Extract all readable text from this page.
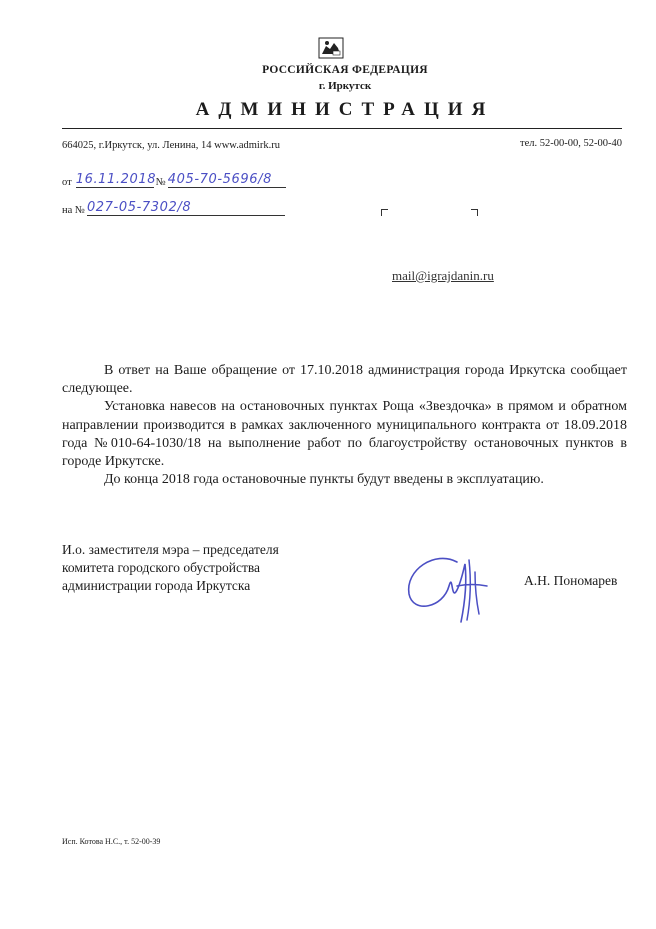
РОССИЙСКАЯ ФЕДЕРАЦИЯ
г. Иркутск
АДМИНИСТРАЦИЯ
664025, г.Иркутск, ул. Ленина, 14 www.admirk.ru	тел. 52-00-00, 52-00-40
от 16.11.2018 № 405-70-5696/8
на № 027-05-7302/8
mail@igrajdanin.ru

В ответ на Ваше обращение от 17.10.2018 администрация города Иркутска сообщает следующее.

Установка навесов на остановочных пунктах Роща «Звездочка» в прямом и обратном направлении производится в рамках заключенного муниципального контракта от 18.09.2018 года №010-64-1030/18 на выполнение работ по благоустройству остановочных пунктов в городе Иркутске.

До конца 2018 года остановочные пункты будут введены в эксплуатацию.

И.о. заместителя мэра – председателя
комитета городского обустройства
администрации города Иркутска	А.Н. Пономарев
Исп. Котова Н.С., т. 52-00-39
